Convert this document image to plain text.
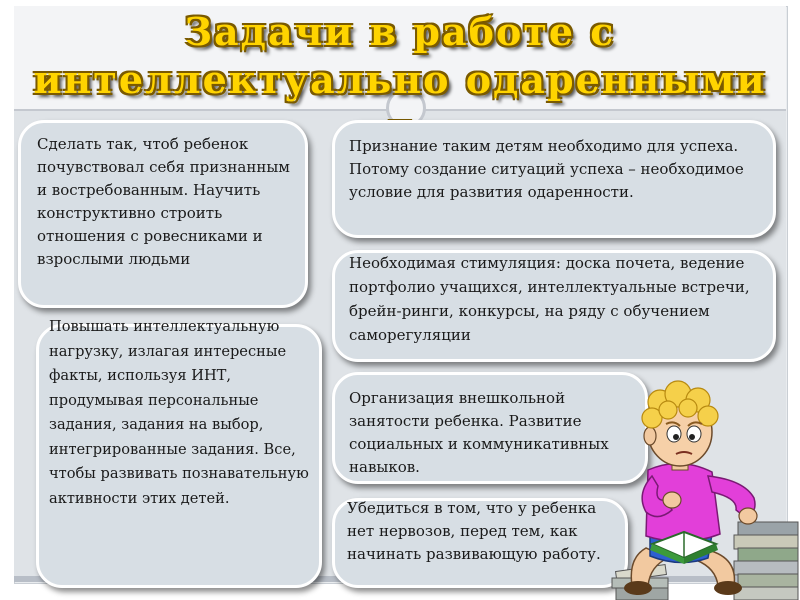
Задачи в работе с интеллектуально одаренными
Сделать так, чтоб ребенок почувствовал себя признанным и востребованным. Научить конструктивно строить отношения с ровесниками и взрослыми людьми
Признание таким детям необходимо для успеха. Потому создание ситуаций успеха – необходимое условие для развития одаренности.
Необходимая стимуляция: доска почета, ведение портфолио учащихся, интеллектуальные встречи, брейн-ринги, конкурсы, на ряду с обучением саморегуляции
Повышать интеллектуальную нагрузку, излагая интересные факты, используя ИНТ, продумывая персональные задания, задания на выбор, интегрированные задания. Все, чтобы развивать познавательную активности этих детей.
Организация внешкольной занятости ребенка. Развитие социальных и коммуникативных навыков.
Убедиться в том, что у ребенка нет нервозов, перед тем, как начинать развивающую работу.
